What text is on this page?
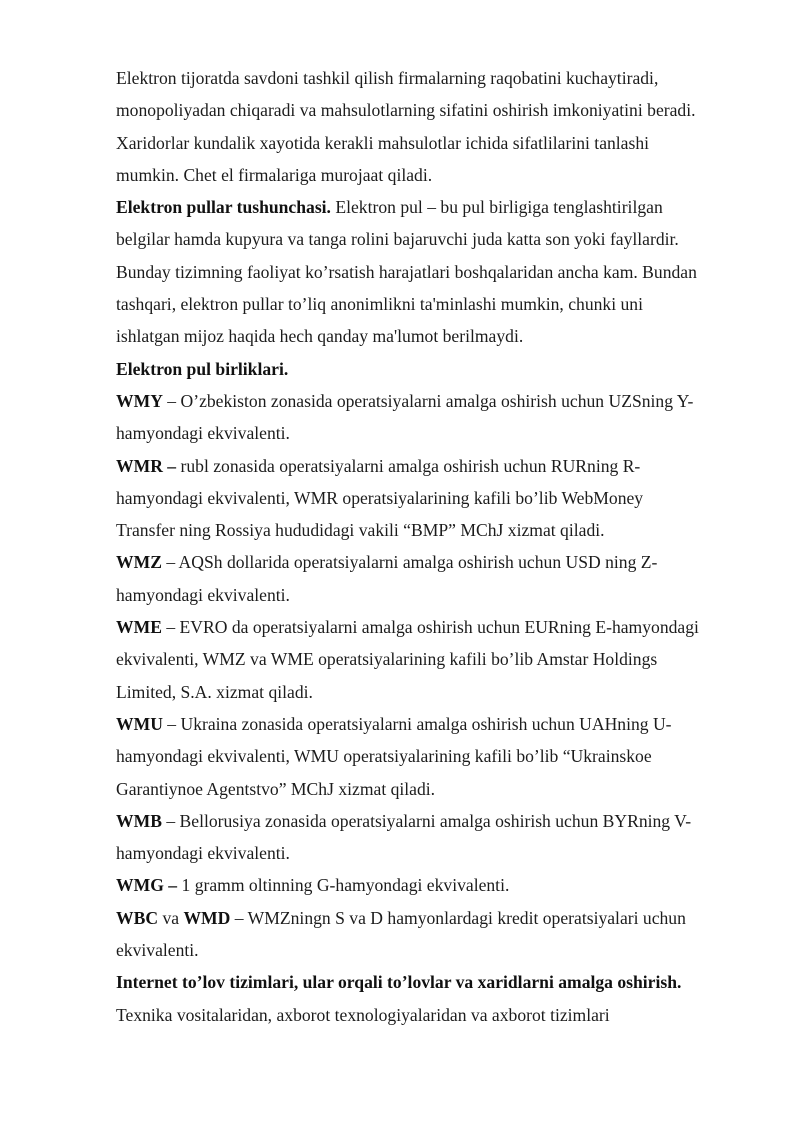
Elektron tijoratda savdoni tashkil qilish firmalarning raqobatini kuchaytiradi,
monopoliyadan chiqaradi va mahsulotlarning sifatini oshirish imkoniyatini beradi.
Xaridorlar kundalik xayotida kerakli mahsulotlar ichida sifatlilarini tanlashi
mumkin. Chet el firmalariga murojaat qiladi.
Elektron pullar tushunchasi. Elektron pul – bu pul birligiga tenglashtirilgan
belgilar hamda kupyura va tanga rolini bajaruvchi juda katta son yoki fayllardir.
Bunday tizimning faoliyat ko’rsatish harajatlari boshqalaridan ancha kam. Bundan
tashqari, elektron pullar to’liq anonimlikni ta'minlashi mumkin, chunki uni
ishlatgan mijoz haqida hech qanday ma'lumot berilmaydi.
Elektron pul birliklari.
WMY – O’zbekiston zonasida operatsiyalarni amalga oshirish uchun UZSning Y-
hamyondagi ekvivalenti.
WMR – rubl zonasida operatsiyalarni amalga oshirish uchun RURning R-
hamyondagi ekvivalenti, WMR operatsiyalarining kafili bo’lib WebMoney
Transfer ning Rossiya hududidagi vakili “BMP” MChJ xizmat qiladi.
WMZ – AQSh dollarida operatsiyalarni amalga oshirish uchun USD ning Z-
hamyondagi ekvivalenti.
WME – EVRO da operatsiyalarni amalga oshirish uchun EURning E-hamyondagi
ekvivalenti, WMZ va WME operatsiyalarining kafili bo’lib Amstar Holdings
Limited, S.A. xizmat qiladi.
WMU – Ukraina zonasida operatsiyalarni amalga oshirish uchun UAHning U-
hamyondagi ekvivalenti, WMU operatsiyalarining kafili bo’lib “Ukrainskoe
Garantiynoe Agentstvo” MChJ xizmat qiladi.
WMB – Bellorusiya zonasida operatsiyalarni amalga oshirish uchun BYRning V-
hamyondagi ekvivalenti.
WMG – 1 gramm oltinning G-hamyondagi ekvivalenti.
WBC va WMD – WMZningn S va D hamyonlardagi kredit operatsiyalari uchun
ekvivalenti.
Internet to’lov tizimlari, ular orqali to’lovlar va xaridlarni amalga oshirish.
Texnika vositalaridan, axborot texnologiyalaridan va axborot tizimlari
